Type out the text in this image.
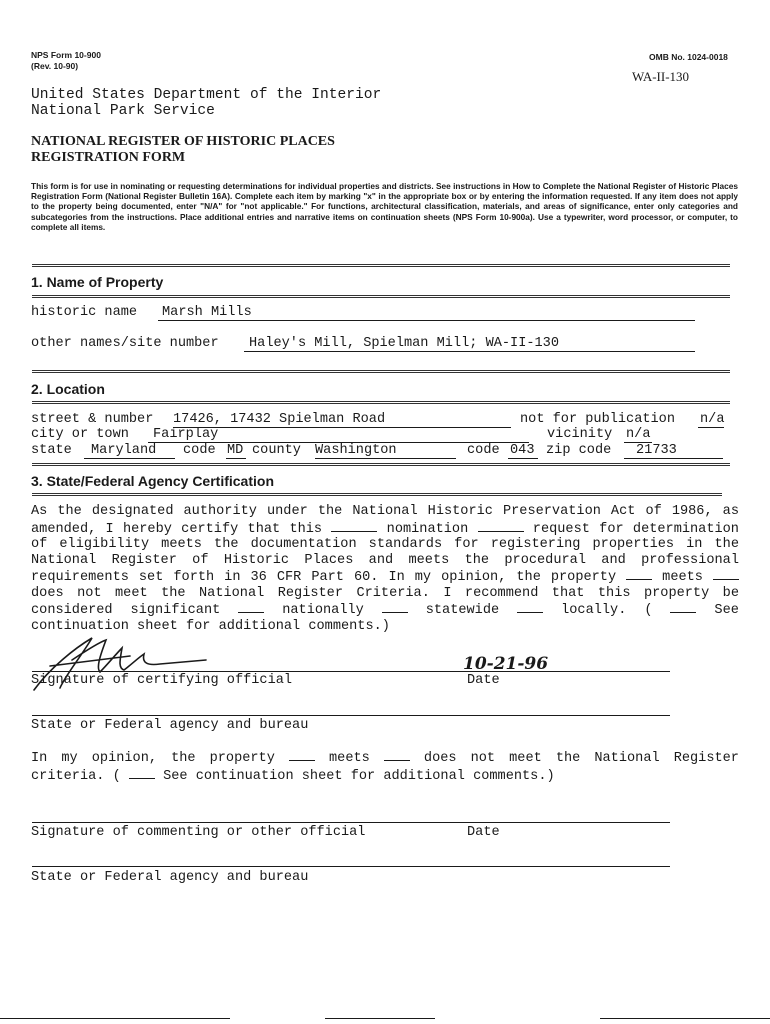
NPS Form 10-900
(Rev. 10-90)
OMB No. 1024-0018
WA-II-130
United States Department of the Interior
National Park Service
NATIONAL REGISTER OF HISTORIC PLACES
REGISTRATION FORM
This form is for use in nominating or requesting determinations for individual properties and districts. See instructions in How to Complete the National Register of Historic Places Registration Form (National Register Bulletin 16A). Complete each item by marking "x" in the appropriate box or by entering the information requested. If any item does not apply to the property being documented, enter "N/A" for "not applicable." For functions, architectural classification, materials, and areas of significance, enter only categories and subcategories from the instructions. Place additional entries and narrative items on continuation sheets (NPS Form 10-900a). Use a typewriter, word processor, or computer, to complete all items.
1. Name of Property
historic name Marsh Mills
other names/site number Haley's Mill, Spielman Mill; WA-II-130
2. Location
street & number 17426, 17432 Spielman Road	not for publication n/a
city or town Fairplay	vicinity n/a
state Maryland code MD county Washington	code 043 zip code 21733
3. State/Federal Agency Certification
As the designated authority under the National Historic Preservation Act of 1986, as amended, I hereby certify that this	nomination	request for determination of eligibility meets the documentation standards for registering properties in the National Register of Historic Places and meets the procedural and professional requirements set forth in 36 CFR Part 60. In my opinion, the property	meets  does not meet the National Register Criteria. I recommend that this property be considered significant	nationally	statewide	locally. (	See continuation sheet for additional comments.)
10-21-96
Signature of certifying official	Date
State or Federal agency and bureau
In my opinion, the property	meets	does not meet the National Register criteria. (	See continuation sheet for additional comments.)
Signature of commenting or other official	Date
State or Federal agency and bureau
